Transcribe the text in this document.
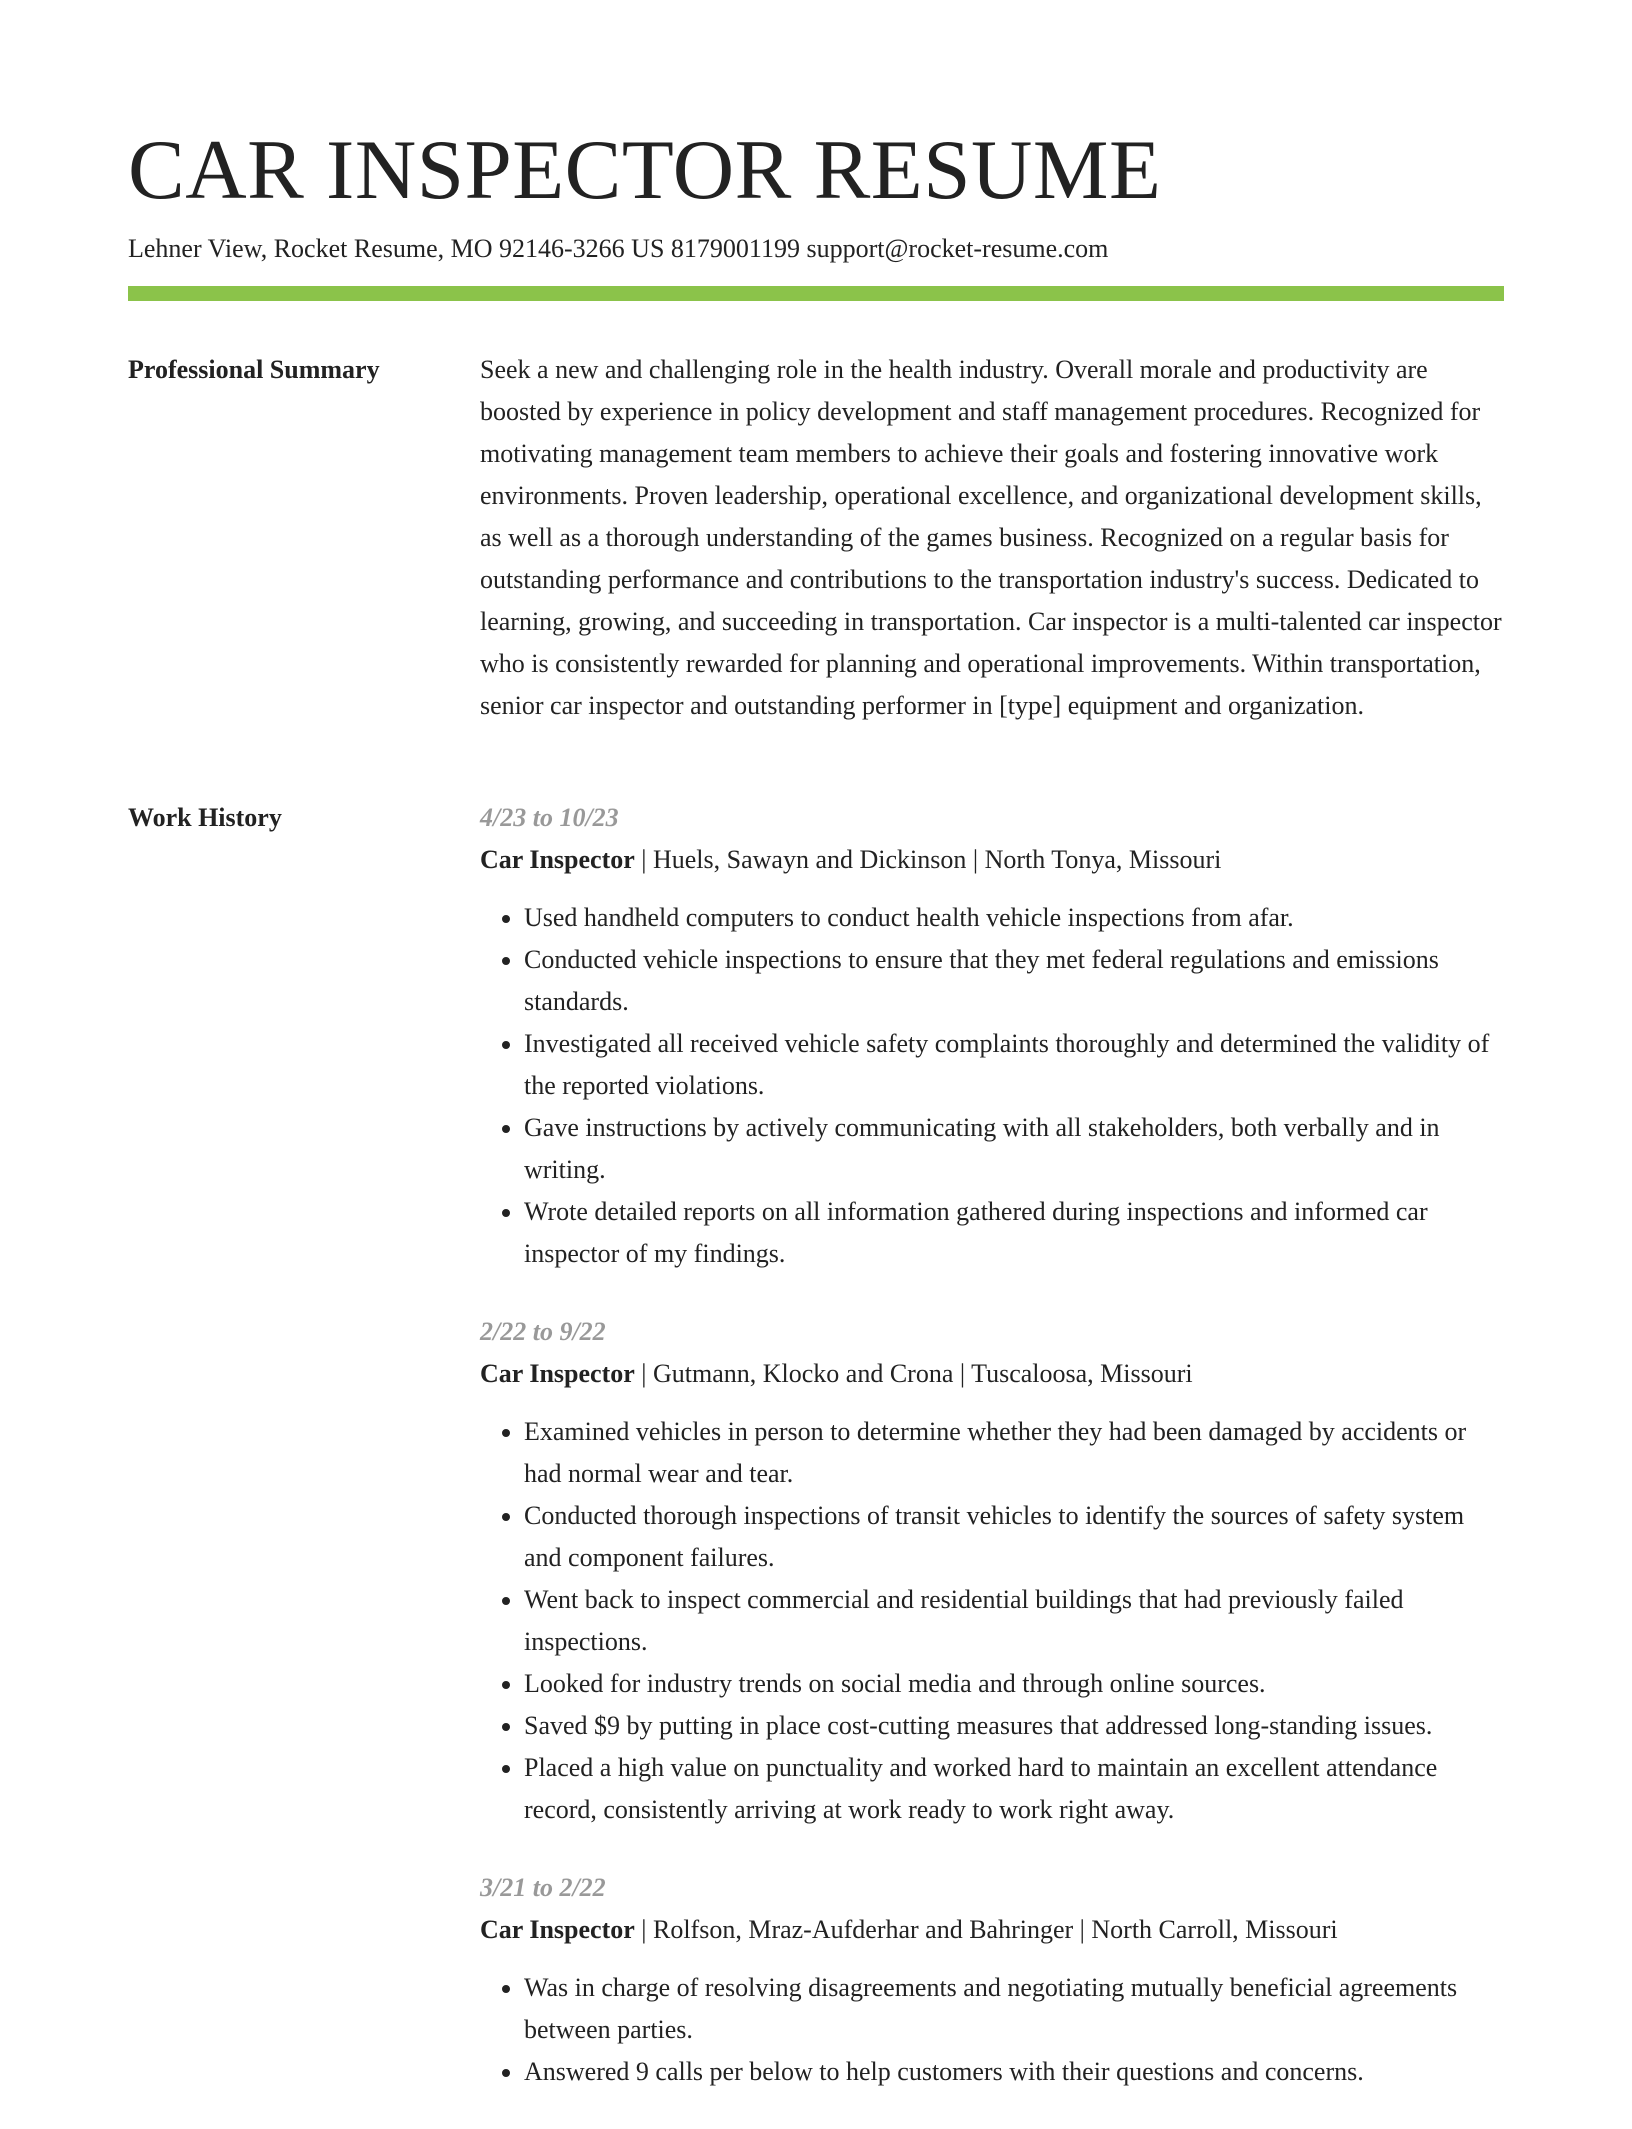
CAR INSPECTOR RESUME
Lehner View, Rocket Resume, MO 92146-3266 US 8179001199 support@rocket-resume.com
Professional Summary	Seek a new and challenging role in the health industry. Overall morale and productivity are boosted by experience in policy development and staff management procedures. Recognized for motivating management team members to achieve their goals and fostering innovative work environments. Proven leadership, operational excellence, and organizational development skills, as well as a thorough understanding of the games business. Recognized on a regular basis for outstanding performance and contributions to the transportation industry's success. Dedicated to learning, growing, and succeeding in transportation. Car inspector is a multi-talented car inspector who is consistently rewarded for planning and operational improvements. Within transportation, senior car inspector and outstanding performer in [type] equipment and organization.

Work History	4/23 to 10/23
Car Inspector | Huels, Sawayn and Dickinson | North Tonya, Missouri
• Used handheld computers to conduct health vehicle inspections from afar.
• Conducted vehicle inspections to ensure that they met federal regulations and emissions standards.
• Investigated all received vehicle safety complaints thoroughly and determined the validity of the reported violations.
• Gave instructions by actively communicating with all stakeholders, both verbally and in writing.
• Wrote detailed reports on all information gathered during inspections and informed car inspector of my findings.
2/22 to 9/22
Car Inspector | Gutmann, Klocko and Crona | Tuscaloosa, Missouri
• Examined vehicles in person to determine whether they had been damaged by accidents or had normal wear and tear.
• Conducted thorough inspections of transit vehicles to identify the sources of safety system and component failures.
• Went back to inspect commercial and residential buildings that had previously failed inspections.
• Looked for industry trends on social media and through online sources.
• Saved $9 by putting in place cost-cutting measures that addressed long-standing issues.
• Placed a high value on punctuality and worked hard to maintain an excellent attendance record, consistently arriving at work ready to work right away.
3/21 to 2/22
Car Inspector | Rolfson, Mraz-Aufderhar and Bahringer | North Carroll, Missouri
• Was in charge of resolving disagreements and negotiating mutually beneficial agreements between parties.
• Answered 9 calls per below to help customers with their questions and concerns.
